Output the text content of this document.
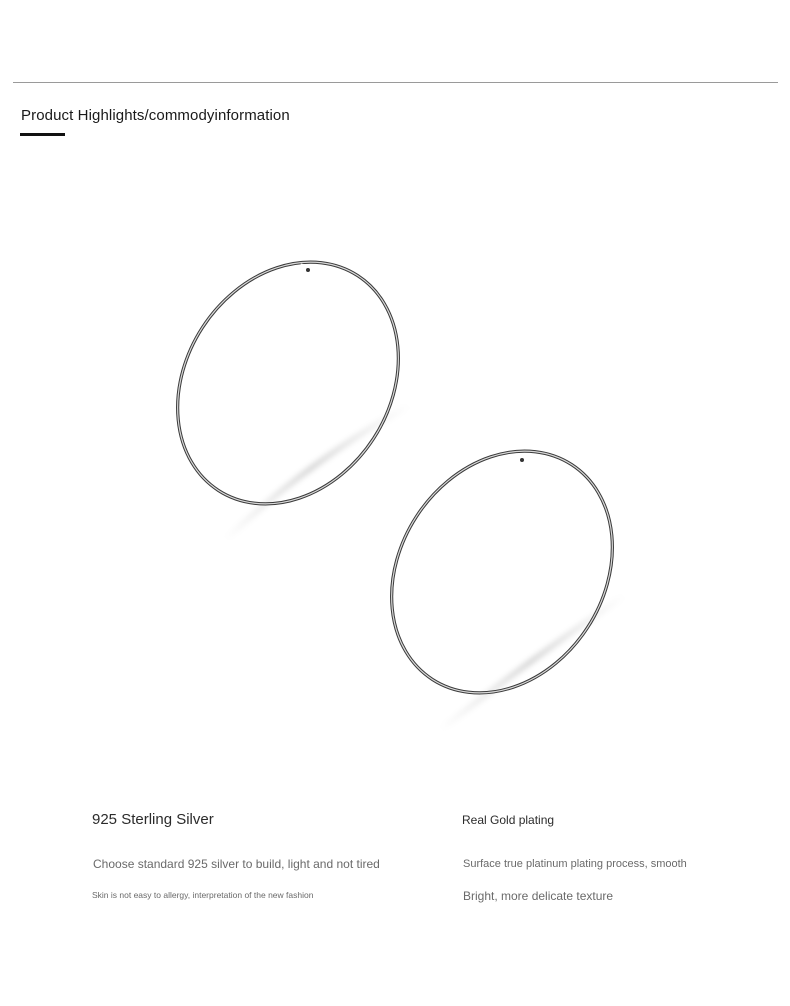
Product Highlights/commodyinformation
925 Sterling Silver
Choose standard 925 silver to build, light and not tired
Skin is not easy to allergy, interpretation of the new fashion
Real Gold plating
Surface true platinum plating process, smooth
Bright, more delicate texture
